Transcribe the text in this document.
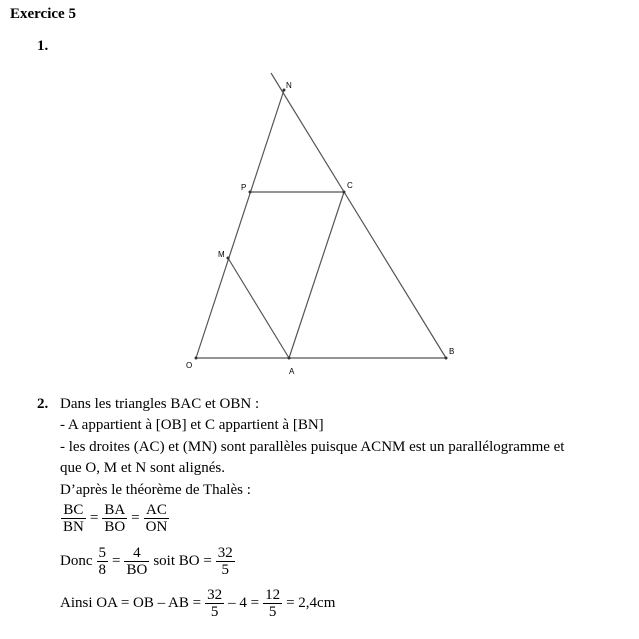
Exercice 5
1.
N
C
P
M
O
A
B
2. Dans les triangles BAC et OBN :
- A appartient à [OB] et C appartient à [BN]
- les droites (AC) et (MN) sont parallèles puisque ACNM est un parallélogramme et
que O, M et N sont alignés.
D’après le théorème de Thalès :
$\frac{BC}{BN} = \frac{BA}{BO} = \frac{AC}{ON}$
Donc $\frac{5}{8} = \frac{4}{BO}$ soit BO = $\frac{32}{5}$
Ainsi OA = OB – AB = $\frac{32}{5} - 4 = \frac{12}{5} = 2,4cm$
